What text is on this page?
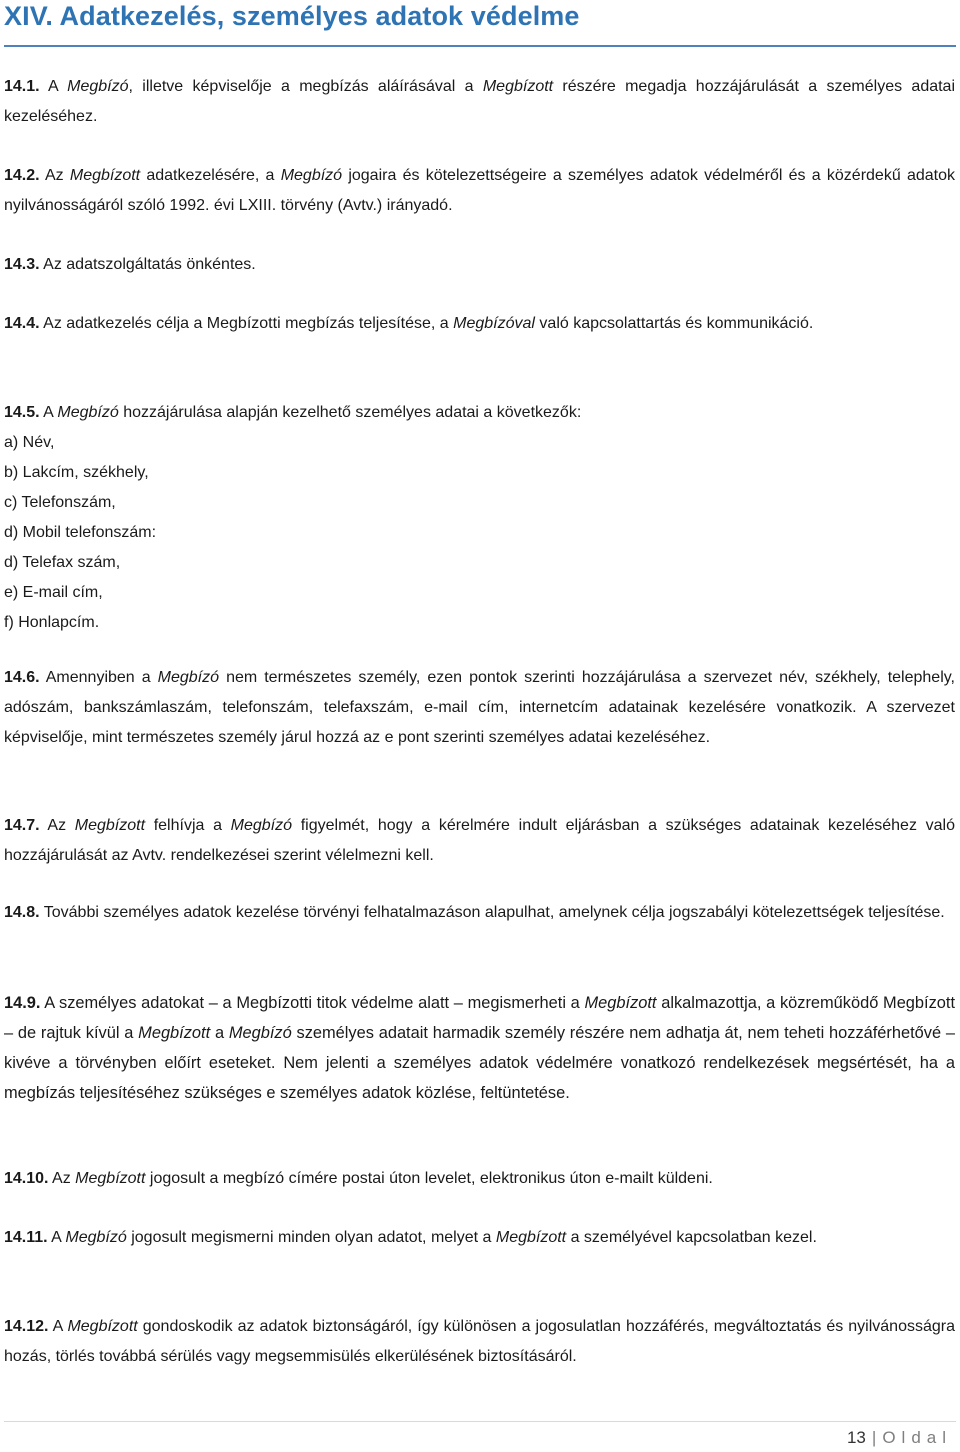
XIV. Adatkezelés, személyes adatok védelme

14.1. A Megbízó, illetve képviselője a megbízás aláírásával a Megbízott részére megadja hozzájárulását a személyes adatai kezeléséhez.

14.2. Az Megbízott adatkezelésére, a Megbízó jogaira és kötelezettségeire a személyes adatok védelméről és a közérdekű adatok nyilvánosságáról szóló 1992. évi LXIII. törvény (Avtv.) irányadó.

14.3. Az adatszolgáltatás önkéntes.

14.4. Az adatkezelés célja a Megbízotti megbízás teljesítése, a Megbízóval való kapcsolattartás és kommunikáció.

14.5. A Megbízó hozzájárulása alapján kezelhető személyes adatai a következők:
a) Név,
b) Lakcím, székhely,
c) Telefonszám,
d) Mobil telefonszám:
d) Telefax szám,
e) E-mail cím,
f) Honlapcím.

14.6. Amennyiben a Megbízó nem természetes személy, ezen pontok szerinti hozzájárulása a szervezet név, székhely, telephely, adószám, bankszámlaszám, telefonszám, telefaxszám, e-mail cím, internetcím adatainak kezelésére vonatkozik. A szervezet képviselője, mint természetes személy járul hozzá az e pont szerinti személyes adatai kezeléséhez.

14.7. Az Megbízott felhívja a Megbízó figyelmét, hogy a kérelmére indult eljárásban a szükséges adatainak kezeléséhez való hozzájárulását az Avtv. rendelkezései szerint vélelmezni kell.

14.8. További személyes adatok kezelése törvényi felhatalmazáson alapulhat, amelynek célja jogszabályi kötelezettségek teljesítése.

14.9. A személyes adatokat – a Megbízotti titok védelme alatt – megismerheti a Megbízott alkalmazottja, a közreműködő Megbízott – de rajtuk kívül a Megbízott a Megbízó személyes adatait harmadik személy részére nem adhatja át, nem teheti hozzáférhetővé – kivéve a törvényben előírt eseteket. Nem jelenti a személyes adatok védelmére vonatkozó rendelkezések megsértését, ha a megbízás teljesítéséhez szükséges e személyes adatok közlése, feltüntetése.

14.10. Az Megbízott jogosult a megbízó címére postai úton levelet, elektronikus úton e-mailt küldeni.

14.11. A Megbízó jogosult megismerni minden olyan adatot, melyet a Megbízott a személyével kapcsolatban kezel.

14.12. A Megbízott gondoskodik az adatok biztonságáról, így különösen a jogosulatlan hozzáférés, megváltoztatás és nyilvánosságra hozás, törlés továbbá sérülés vagy megsemmisülés elkerülésének biztosításáról.

13 | Oldal
